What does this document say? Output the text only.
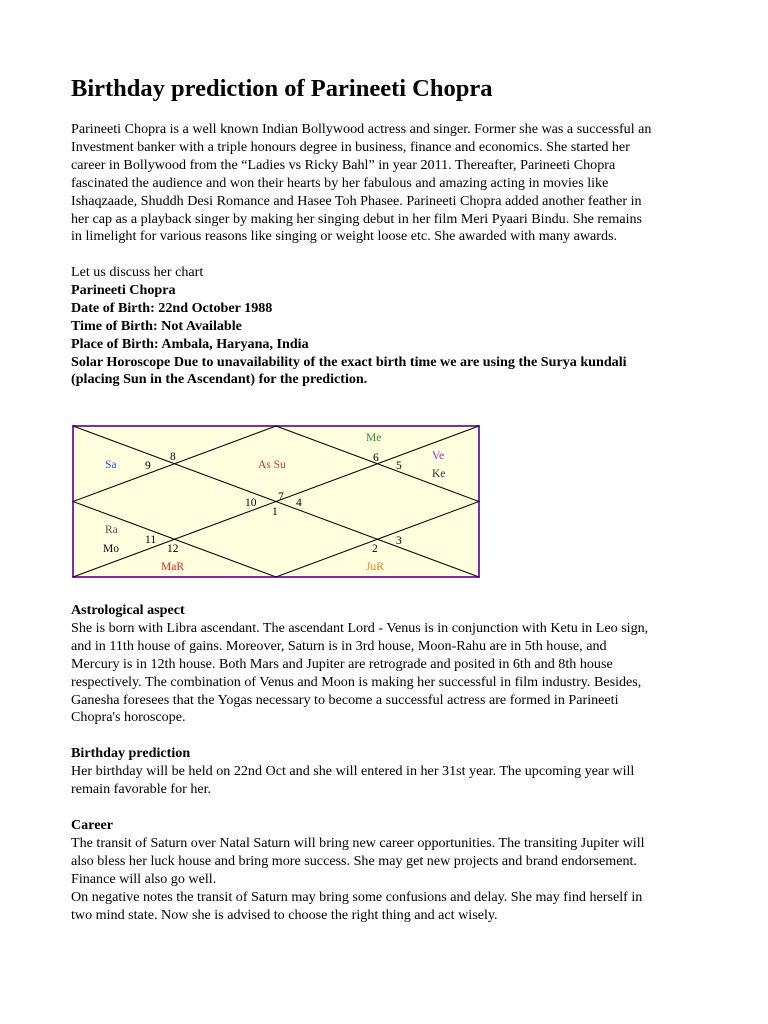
Birthday prediction of Parineeti Chopra
Parineeti Chopra is a well known Indian Bollywood actress and singer. Former she was a successful an
Investment banker with a triple honours degree in business, finance and economics. She started her
career in Bollywood from the “Ladies vs Ricky Bahl” in year 2011. Thereafter, Parineeti Chopra
fascinated the audience and won their hearts by her fabulous and amazing acting in movies like
Ishaqzaade, Shuddh Desi Romance and Hasee Toh Phasee. Parineeti Chopra added another feather in
her cap as a playback singer by making her singing debut in her film Meri Pyaari Bindu. She remains
in limelight for various reasons like singing or weight loose etc. She awarded with many awards.
Let us discuss her chart
Parineeti Chopra
Date of Birth: 22nd October 1988
Time of Birth: Not Available
Place of Birth: Ambala, Haryana, India
Solar Horoscope Due to unavailability of the exact birth time we are using the Surya kundali
(placing Sun in the Ascendant) for the prediction.
7
6
5
4
3
2
1
12
11
10
9
8
As Su
Me
Ve
Ke
Sa
Ra
Mo
MaR	JuR
Astrological aspect
She is born with Libra ascendant. The ascendant Lord - Venus is in conjunction with Ketu in Leo sign,
and in 11th house of gains. Moreover, Saturn is in 3rd house, Moon-Rahu are in 5th house, and
Mercury is in 12th house. Both Mars and Jupiter are retrograde and posited in 6th and 8th house
respectively. The combination of Venus and Moon is making her successful in film industry. Besides,
Ganesha foresees that the Yogas necessary to become a successful actress are formed in Parineeti
Chopra's horoscope.
Birthday prediction
Her birthday will be held on 22nd Oct and she will entered in her 31st year. The upcoming year will
remain favorable for her.
Career
The transit of Saturn over Natal Saturn will bring new career opportunities. The transiting Jupiter will
also bless her luck house and bring more success. She may get new projects and brand endorsement.
Finance will also go well.
On negative notes the transit of Saturn may bring some confusions and delay. She may find herself in
two mind state. Now she is advised to choose the right thing and act wisely.
